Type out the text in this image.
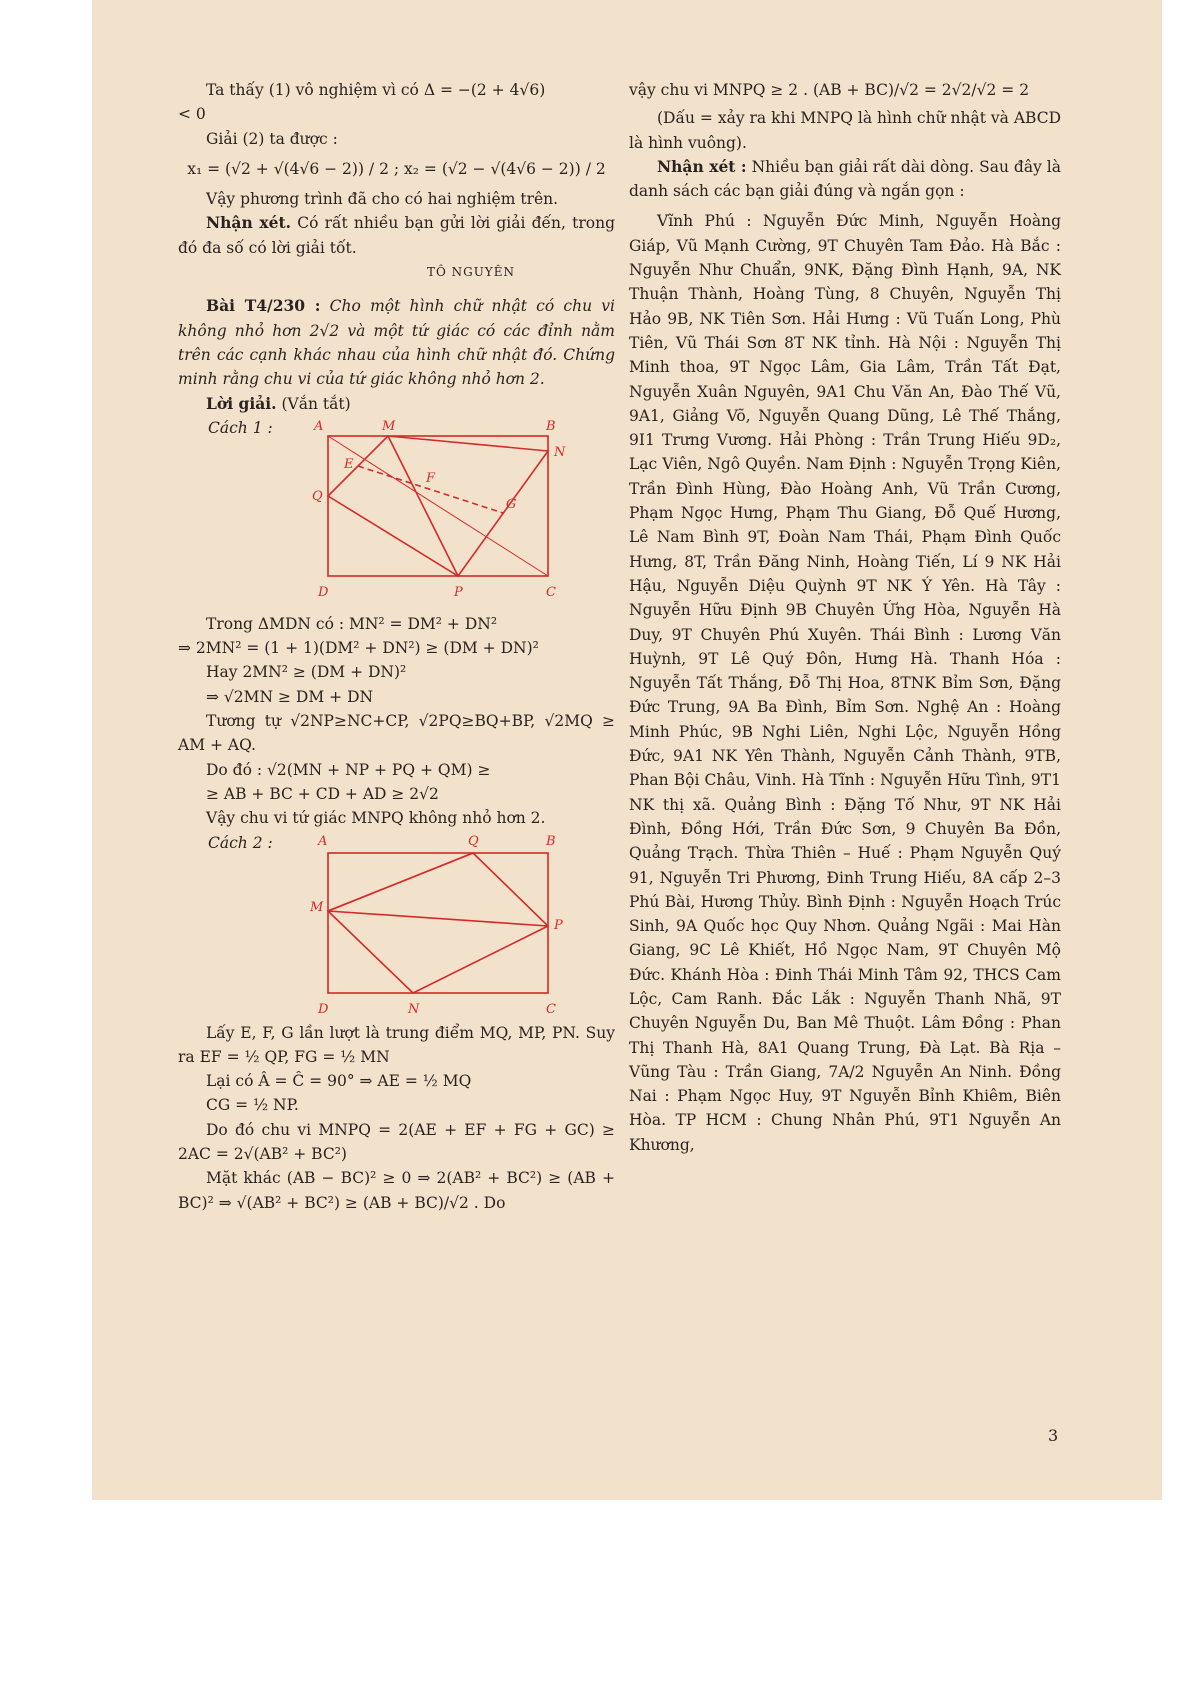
Ta thấy (1) vô nghiệm vì có Δ = −(2 + 4√6)

< 0

Giải (2) ta được :

x₁ = (√2 + √(4√6 − 2)) / 2 ; x₂ = (√2 − √(4√6 − 2)) / 2

Vậy phương trình đã cho có hai nghiệm trên.

Nhận xét. Có rất nhiều bạn gửi lời giải đến, trong đó đa số có lời giải tốt.

TÔ NGUYÊN

Bài T4/230 : Cho một hình chữ nhật có chu vi không nhỏ hơn 2√2 và một tứ giác có các đỉnh nằm trên các cạnh khác nhau của hình chữ nhật đó. Chứng minh rằng chu vi của tứ giác không nhỏ hơn 2.

Lời giải. (Vắn tắt)

Cách 1 :	A	M	B
N
E
F
G
Q
D	P	C

Trong ΔMDN có : MN² = DM² + DN²

⇒ 2MN² = (1 + 1)(DM² + DN²) ≥ (DM + DN)²

Hay 2MN² ≥ (DM + DN)²

⇒ √2MN ≥ DM + DN

Tương tự √2NP≥NC+CP, √2PQ≥BQ+BP, √2MQ ≥ AM + AQ.

Do đó : √2(MN + NP + PQ + QM) ≥

≥ AB + BC + CD + AD ≥ 2√2

Vậy chu vi tứ giác MNPQ không nhỏ hơn 2.

Cách 2 :	A	Q	B
M
P
D	N	C

Lấy E, F, G lần lượt là trung điểm MQ, MP, PN. Suy ra EF = ½ QP, FG = ½ MN

Lại có Â = Ĉ = 90° ⇒ AE = ½ MQ

CG = ½ NP.

Do đó chu vi MNPQ = 2(AE + EF + FG + GC) ≥ 2AC = 2√(AB² + BC²)

Mặt khác (AB − BC)² ≥ 0 ⇒ 2(AB² + BC²) ≥ (AB + BC)² ⇒ √(AB² + BC²) ≥ (AB + BC)/√2 . Do

vậy chu vi MNPQ ≥ 2 . (AB + BC)/√2 = 2√2/√2 = 2

(Dấu = xảy ra khi MNPQ là hình chữ nhật và ABCD là hình vuông).

Nhận xét : Nhiều bạn giải rất dài dòng. Sau đây là danh sách các bạn giải đúng và ngắn gọn :

Vĩnh Phú : Nguyễn Đức Minh, Nguyễn Hoàng Giáp, Vũ Mạnh Cường, 9T Chuyên Tam Đảo. Hà Bắc : Nguyễn Như Chuẩn, 9NK, Đặng Đình Hạnh, 9A, NK Thuận Thành, Hoàng Tùng, 8 Chuyên, Nguyễn Thị Hảo 9B, NK Tiên Sơn. Hải Hưng : Vũ Tuấn Long, Phù Tiên, Vũ Thái Sơn 8T NK tỉnh. Hà Nội : Nguyễn Thị Minh thoa, 9T Ngọc Lâm, Gia Lâm, Trần Tất Đạt, Nguyễn Xuân Nguyên, 9A1 Chu Văn An, Đào Thế Vũ, 9A1, Giảng Võ, Nguyễn Quang Dũng, Lê Thế Thắng, 9I1 Trưng Vương. Hải Phòng : Trần Trung Hiếu 9D₂, Lạc Viên, Ngô Quyền. Nam Định : Nguyễn Trọng Kiên, Trần Đình Hùng, Đào Hoàng Anh, Vũ Trần Cương, Phạm Ngọc Hưng, Phạm Thu Giang, Đỗ Quế Hương, Lê Nam Bình 9T, Đoàn Nam Thái, Phạm Đình Quốc Hưng, 8T, Trần Đăng Ninh, Hoàng Tiến, Lí 9 NK Hải Hậu, Nguyễn Diệu Quỳnh 9T NK Ý Yên. Hà Tây : Nguyễn Hữu Định 9B Chuyên Ứng Hòa, Nguyễn Hà Duy, 9T Chuyên Phú Xuyên. Thái Bình : Lương Văn Huỳnh, 9T Lê Quý Đôn, Hưng Hà. Thanh Hóa : Nguyễn Tất Thắng, Đỗ Thị Hoa, 8TNK Bỉm Sơn, Đặng Đức Trung, 9A Ba Đình, Bỉm Sơn. Nghệ An : Hoàng Minh Phúc, 9B Nghi Liên, Nghi Lộc, Nguyễn Hồng Đức, 9A1 NK Yên Thành, Nguyễn Cảnh Thành, 9TB, Phan Bội Châu, Vinh. Hà Tĩnh : Nguyễn Hữu Tình, 9T1 NK thị xã. Quảng Bình : Đặng Tố Như, 9T NK Hải Đình, Đồng Hới, Trần Đức Sơn, 9 Chuyên Ba Đồn, Quảng Trạch. Thừa Thiên – Huế : Phạm Nguyễn Quý 91, Nguyễn Tri Phương, Đinh Trung Hiếu, 8A cấp 2–3 Phú Bài, Hương Thủy. Bình Định : Nguyễn Hoạch Trúc Sinh, 9A Quốc học Quy Nhơn. Quảng Ngãi : Mai Hàn Giang, 9C Lê Khiết, Hồ Ngọc Nam, 9T Chuyên Mộ Đức. Khánh Hòa : Đinh Thái Minh Tâm 92, THCS Cam Lộc, Cam Ranh. Đắc Lắk : Nguyễn Thanh Nhã, 9T Chuyên Nguyễn Du, Ban Mê Thuột. Lâm Đồng : Phan Thị Thanh Hà, 8A1 Quang Trung, Đà Lạt. Bà Rịa – Vũng Tàu : Trần Giang, 7A/2 Nguyễn An Ninh. Đồng Nai : Phạm Ngọc Huy, 9T Nguyễn Bỉnh Khiêm, Biên Hòa. TP HCM : Chung Nhân Phú, 9T1 Nguyễn An Khương,

3
